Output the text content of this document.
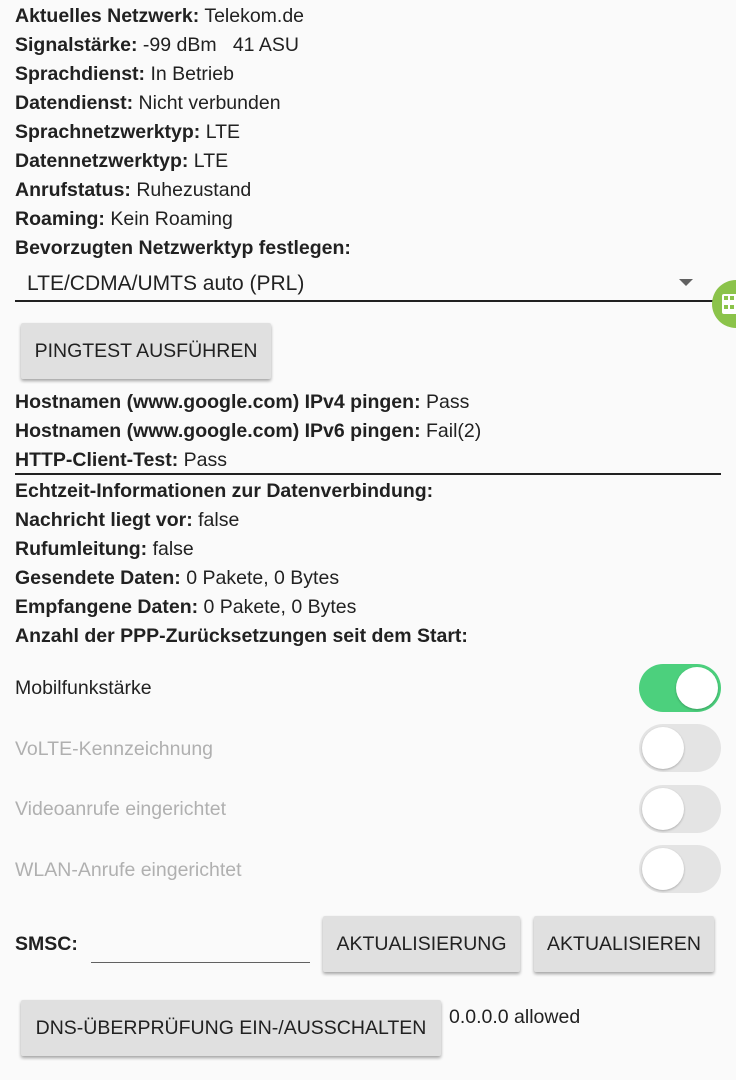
Aktuelles Netzwerk: Telekom.de
Signalstärke: -99 dBm   41 ASU
Sprachdienst: In Betrieb
Datendienst: Nicht verbunden
Sprachnetzwerktyp: LTE
Datennetzwerktyp: LTE
Anrufstatus: Ruhezustand
Roaming: Kein Roaming
Bevorzugten Netzwerktyp festlegen:
LTE/CDMA/UMTS auto (PRL)
PINGTEST AUSFÜHREN
Hostnamen (www.google.com) IPv4 pingen: Pass
Hostnamen (www.google.com) IPv6 pingen: Fail(2)
HTTP-Client-Test: Pass
Echtzeit-Informationen zur Datenverbindung:
Nachricht liegt vor: false
Rufumleitung: false
Gesendete Daten: 0 Pakete, 0 Bytes
Empfangene Daten: 0 Pakete, 0 Bytes
Anzahl der PPP-Zurücksetzungen seit dem Start:
Mobilfunkstärke
VoLTE-Kennzeichnung
Videoanrufe eingerichtet
WLAN-Anrufe eingerichtet
SMSC:	AKTUALISIERUNG	AKTUALISIEREN
DNS-ÜBERPRÜFUNG EIN-/AUSSCHALTEN	0.0.0.0 allowed
